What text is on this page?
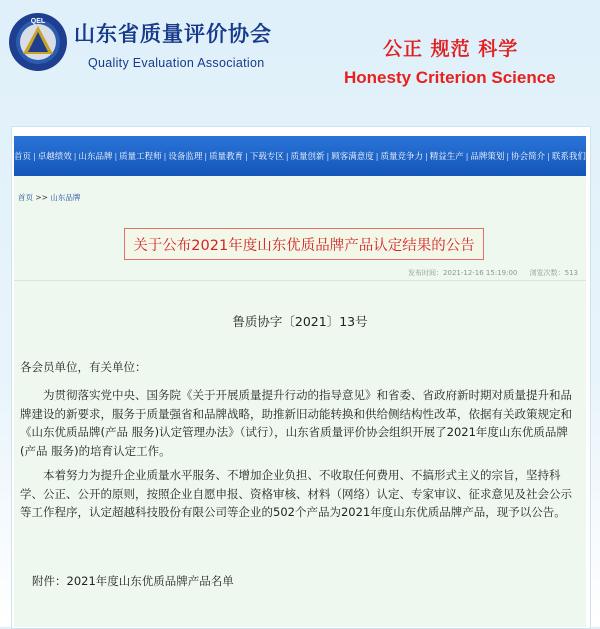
QEL
山东省质量评价协会
Quality Evaluation Association
公正 规范 科学
Honesty Criterion Science
首页 | 卓越绩效 | 山东品牌 | 质量工程师 | 设备监理 | 质量教育 | 下载专区 | 质量创新 | 顾客满意度 | 质量竞争力 | 精益生产 | 品牌策划 | 协会简介 | 联系我们
首页 >> 山东品牌
关于公布2021年度山东优质品牌产品认定结果的公告
发布时间：2021-12-16 15:19:00 浏览次数：513
鲁质协字〔2021〕13号

各会员单位，有关单位：

为贯彻落实党中央、国务院《关于开展质量提升行动的指导意见》和省委、省政府新时期对质量提升和品牌建设的新要求，服务于质量强省和品牌战略，助推新旧动能转换和供给侧结构性改革，依据有关政策规定和《山东优质品牌(产品 服务)认定管理办法》（试行），山东省质量评价协会组织开展了2021年度山东优质品牌(产品 服务)的培育认定工作。

本着努力为提升企业质量水平服务、不增加企业负担、不收取任何费用、不搞形式主义的宗旨，坚持科学、公正、公开的原则，按照企业自愿申报、资格审核、材料（网络）认定、专家审议、征求意见及社会公示等工作程序，认定超越科技股份有限公司等企业的502个产品为2021年度山东优质品牌产品，现予以公告。

附件：2021年度山东优质品牌产品名单
